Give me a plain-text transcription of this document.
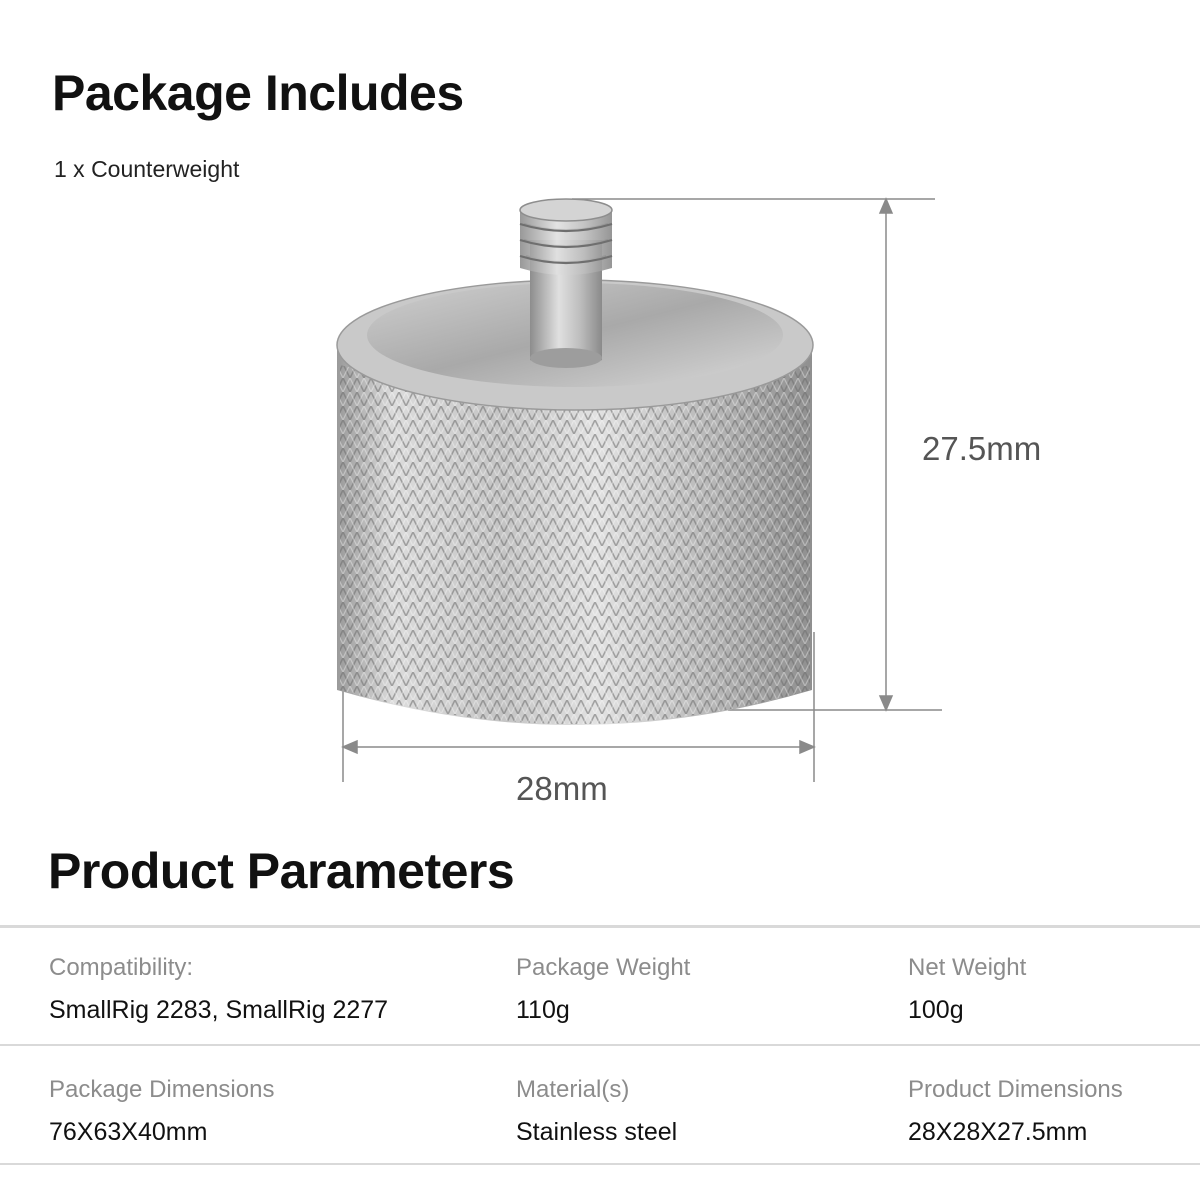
Package Includes
1 x Counterweight
27.5mm
28mm
Product Parameters
Compatibility:
SmallRig 2283, SmallRig 2277
Package Weight
110g
Net Weight
100g
Package Dimensions
76X63X40mm
Material(s)
Stainless steel
Product Dimensions
28X28X27.5mm
